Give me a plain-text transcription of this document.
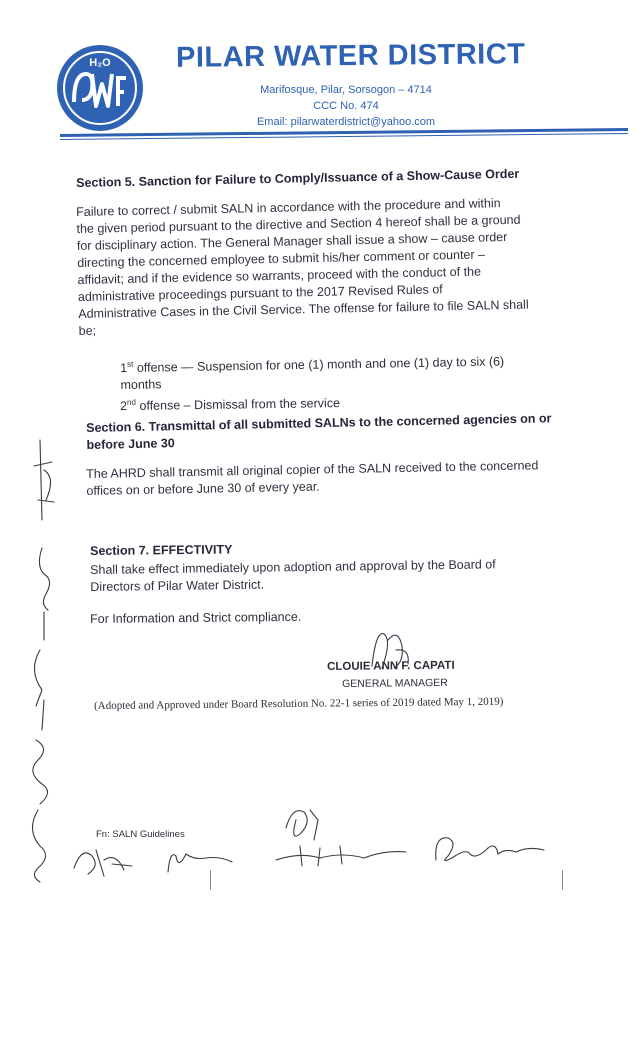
H₂O PILAR WATER DISTRICT
Marifosque, Pilar, Sorsogon – 4714
CCC No. 474
Email: pilarwaterdistrict@yahoo.com
Section 5. Sanction for Failure to Comply/Issuance of a Show-Cause Order
Failure to correct / submit SALN in accordance with the procedure and within
the given period pursuant to the directive and Section 4 hereof shall be a ground
for disciplinary action. The General Manager shall issue a show – cause order
directing the concerned employee to submit his/her comment or counter –
affidavit; and if the evidence so warrants, proceed with the conduct of the
administrative proceedings pursuant to the 2017 Revised Rules of
Administrative Cases in the Civil Service. The offense for failure to file SALN shall
be;
1st offense — Suspension for one (1) month and one (1) day to six (6)
months
2nd offense – Dismissal from the service
Section 6. Transmittal of all submitted SALNs to the concerned agencies on or
before June 30
The AHRD shall transmit all original copier of the SALN received to the concerned
offices on or before June 30 of every year.
Section 7. EFFECTIVITY
Shall take effect immediately upon adoption and approval by the Board of
Directors of Pilar Water District.
For Information and Strict compliance.
CLOUIE ANN F. CAPATI
GENERAL MANAGER
(Adopted and Approved under Board Resolution No. 22-1 series of 2019 dated May 1, 2019)
Fn: SALN Guidelines
